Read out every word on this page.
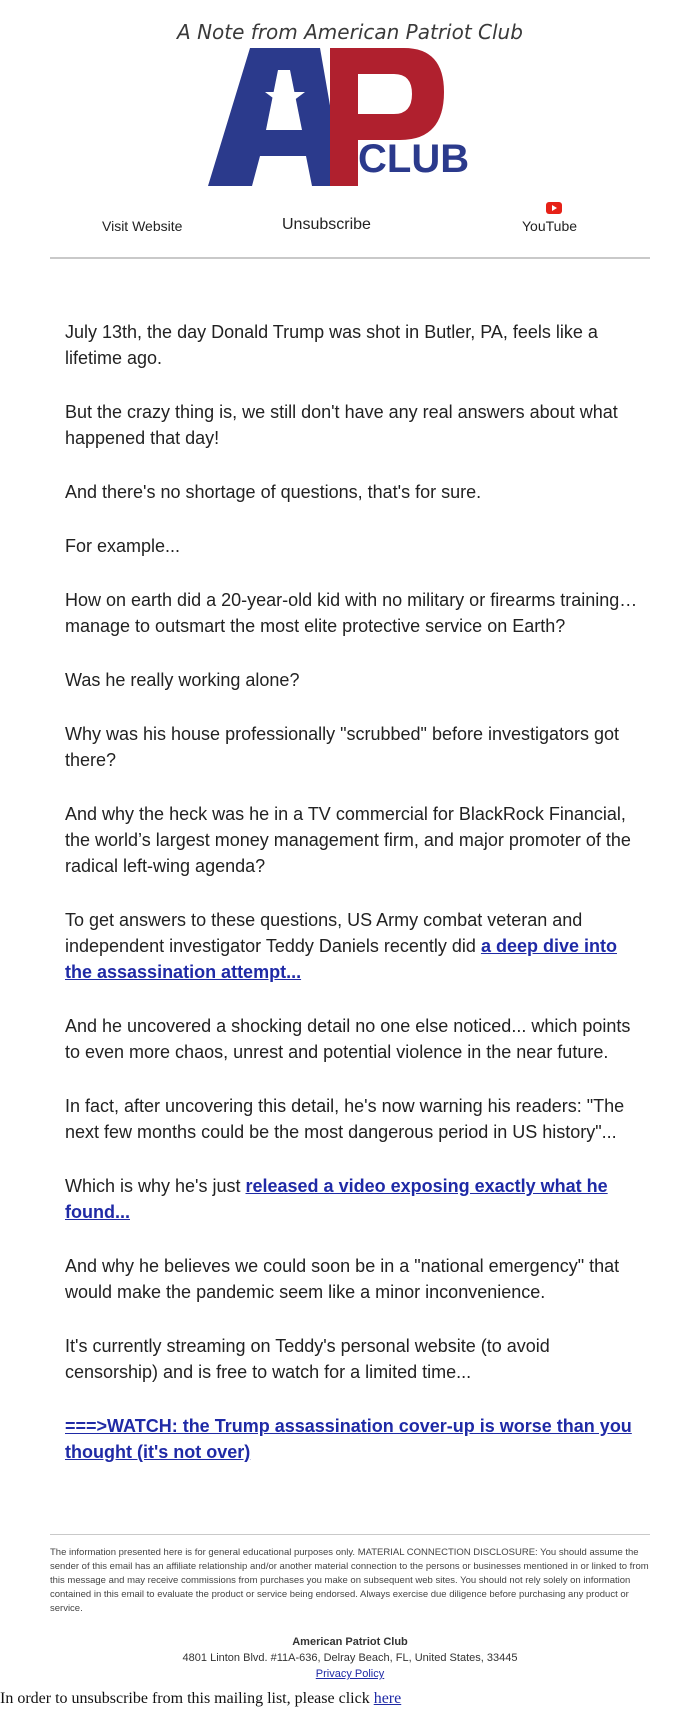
A Note from American Patriot Club
CLUB
Visit Website	Unsubscribe	YouTube

July 13th, the day Donald Trump was shot in Butler, PA, feels like a lifetime ago.

But the crazy thing is, we still don't have any real answers about what happened that day!

And there's no shortage of questions, that's for sure.

For example...

How on earth did a 20-year-old kid with no military or firearms training… manage to outsmart the most elite protective service on Earth?

Was he really working alone?

Why was his house professionally "scrubbed" before investigators got there?

And why the heck was he in a TV commercial for BlackRock Financial, the world’s largest money management firm, and major promoter of the radical left-wing agenda?

To get answers to these questions, US Army combat veteran and independent investigator Teddy Daniels recently did a deep dive into the assassination attempt...

And he uncovered a shocking detail no one else noticed... which points to even more chaos, unrest and potential violence in the near future.

In fact, after uncovering this detail, he's now warning his readers: "The next few months could be the most dangerous period in US history"...

Which is why he's just released a video exposing exactly what he found...

And why he believes we could soon be in a "national emergency" that would make the pandemic seem like a minor inconvenience.

It's currently streaming on Teddy's personal website (to avoid censorship) and is free to watch for a limited time...

===>WATCH: the Trump assassination cover-up is worse than you thought (it's not over)

The information presented here is for general educational purposes only. MATERIAL CONNECTION DISCLOSURE: You should assume the sender of this email has an affiliate relationship and/or another material connection to the persons or businesses mentioned in or linked to from this message and may receive commissions from purchases you make on subsequent web sites. You should not rely solely on information contained in this email to evaluate the product or service being endorsed. Always exercise due diligence before purchasing any product or service.
American Patriot Club
4801 Linton Blvd. #11A-636, Delray Beach, FL, United States, 33445
Privacy Policy
In order to unsubscribe from this mailing list, please click here
